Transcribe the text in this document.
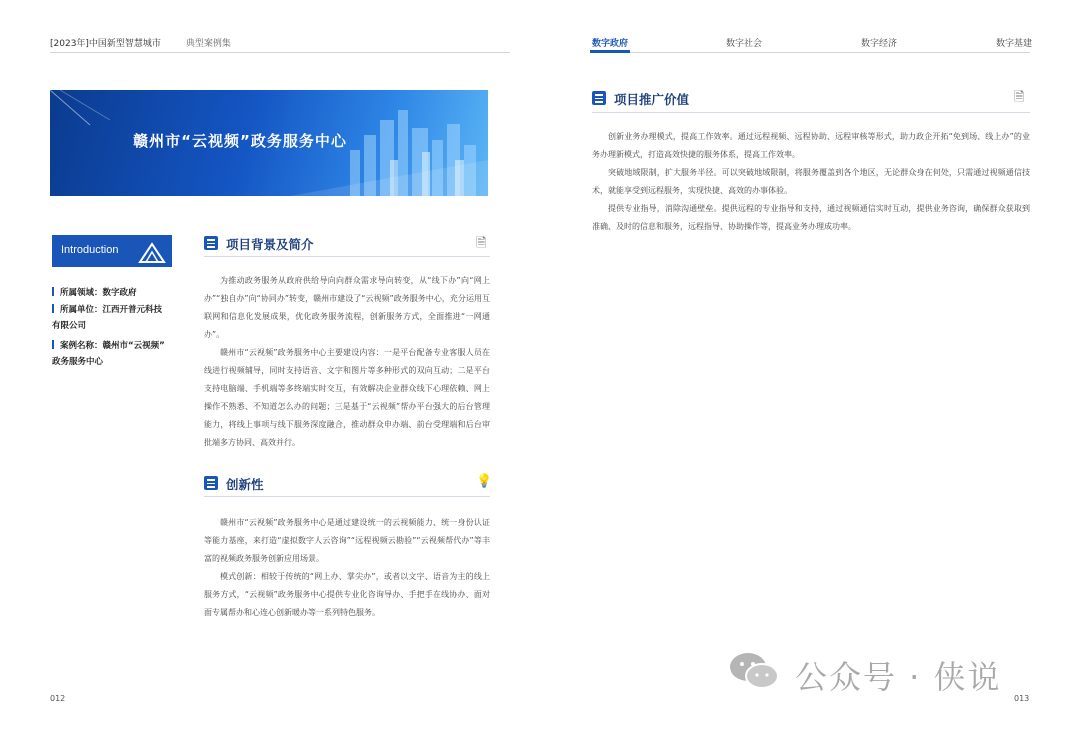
[2023年]中国新型智慧城市	典型案例集	数字政府	数字社会	数字经济	数字基建
赣州市“云视频”政务服务中心
Introduction
所属领域：数字政府
所属单位：江西开普元科技
有限公司
案例名称：赣州市“云视频”
政务服务中心
项目背景及简介	🗎

为推动政务服务从政府供给导向向群众需求导向转变，从“线下办”向“网上办”“独自办”向“协同办”转变，赣州市建设了“云视频”政务服务中心，充分运用互联网和信息化发展成果，优化政务服务流程，创新服务方式，全面推进“一网通办”。

赣州市“云视频”政务服务中心主要建设内容：一是平台配备专业客服人员在线进行视频辅导，同时支持语音、文字和图片等多种形式的双向互动；二是平台支持电脑端、手机端等多终端实时交互，有效解决企业群众线下心理依赖、网上操作不熟悉、不知道怎么办的问题；三是基于“云视频”帮办平台强大的后台管理能力，将线上事项与线下服务深度融合，推动群众申办端、前台受理端和后台审批端多方协同、高效并行。

创新性	💡

赣州市“云视频”政务服务中心是通过建设统一的云视频能力、统一身份认证等能力基座，来打造“虚拟数字人云咨询”“远程视频云勘验”“云视频帮代办”等丰富的视频政务服务创新应用场景。

模式创新：相较于传统的“网上办、掌尖办”，或者以文字、语音为主的线上服务方式，“云视频”政务服务中心提供专业化咨询导办、手把手在线协办、面对面专属帮办和心连心创新暖办等一系列特色服务。

项目推广价值	🗎

创新业务办理模式，提高工作效率。通过远程视频、远程协助、远程审核等形式，助力政企开拓“免到场、线上办”的业务办理新模式，打造高效快捷的服务体系，提高工作效率。

突破地域限制，扩大服务半径。可以突破地域限制，将服务覆盖到各个地区，无论群众身在何处，只需通过视频通信技术，就能享受到远程服务，实现快捷、高效的办事体验。

提供专业指导，消除沟通壁垒。提供远程的专业指导和支持，通过视频通信实时互动，提供业务咨询，确保群众获取到准确、及时的信息和服务，远程指导、协助操作等，提高业务办理成功率。

公众号 · 侠说
012	013
